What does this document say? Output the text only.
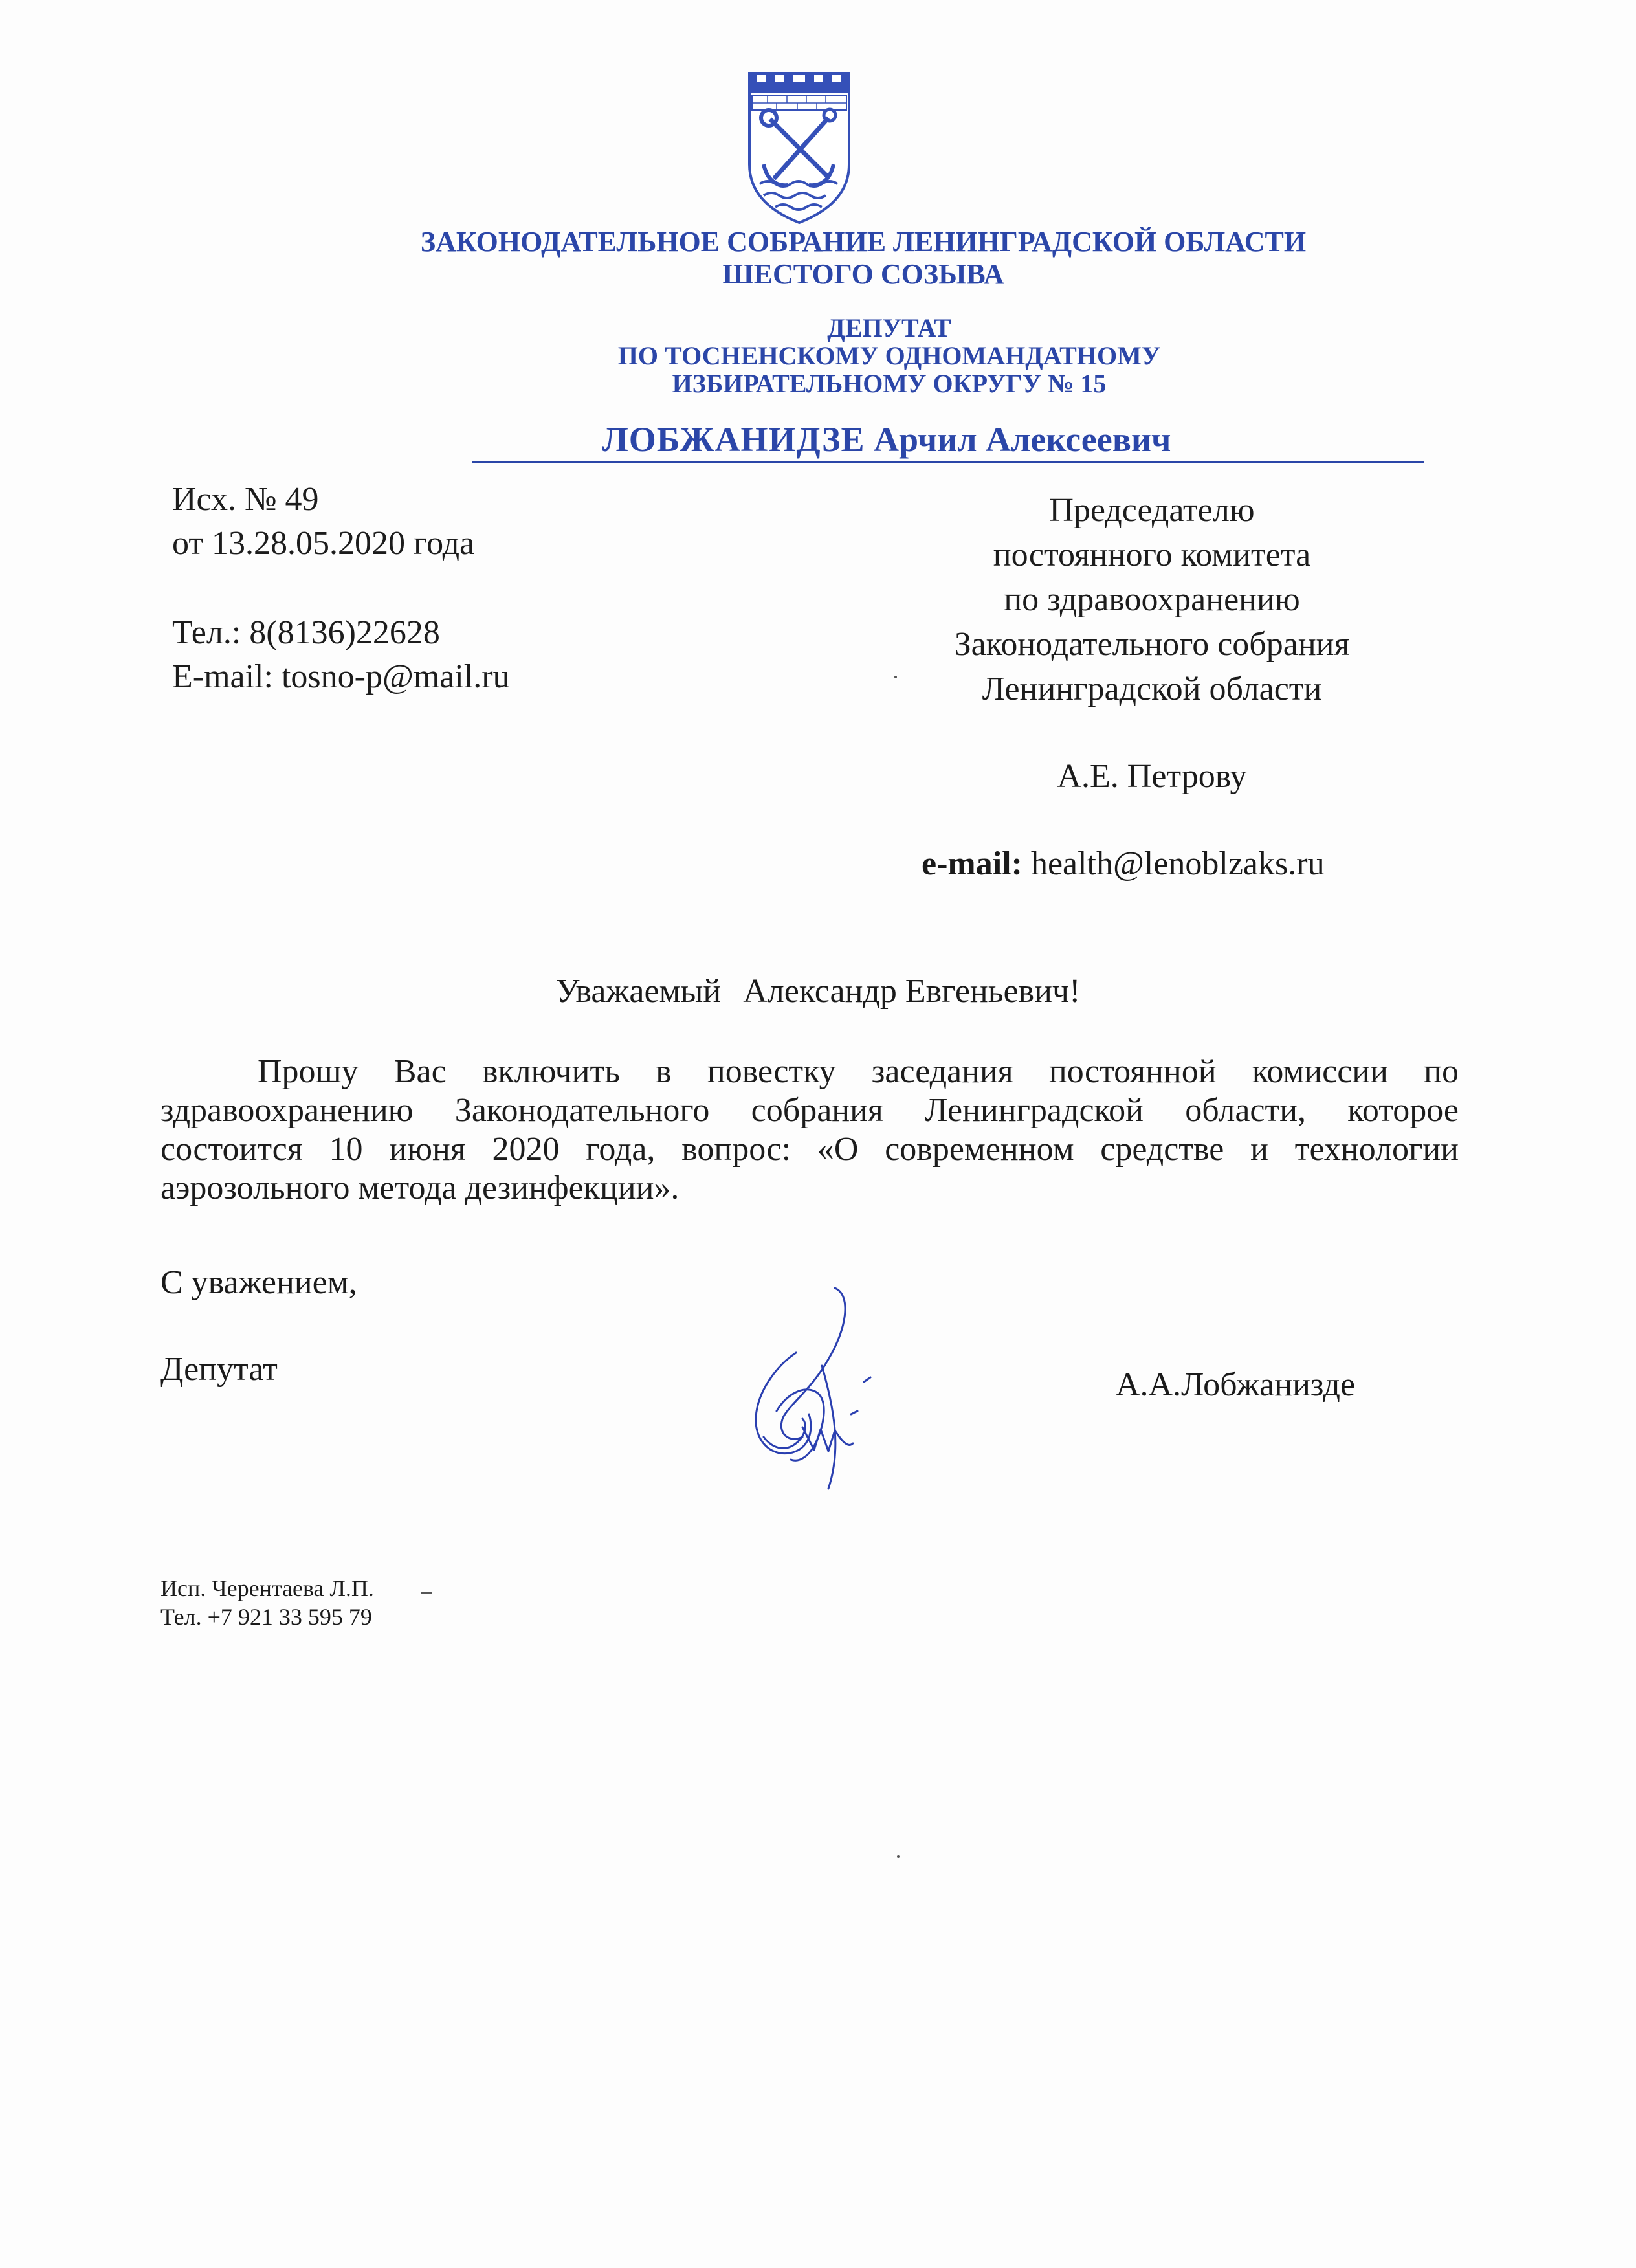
ЗАКОНОДАТЕЛЬНОЕ СОБРАНИЕ ЛЕНИНГРАДСКОЙ ОБЛАСТИ
ШЕСТОГО СОЗЫВА
ДЕПУТАТ
ПО ТОСНЕНСКОМУ ОДНОМАНДАТНОМУ
ИЗБИРАТЕЛЬНОМУ ОКРУГУ № 15
ЛОБЖАНИДЗЕ Арчил Алексеевич
Исх. № 49
от 13.28.05.2020 года
Тел.: 8(8136)22628
E-mail: tosno-p@mail.ru
Председателю
постоянного комитета
по здравоохранению
Законодательного собрания
Ленинградской области
А.Е. Петрову
e-mail: health@lenoblzaks.ru
Уважаемый Александр Евгеньевич!
Прошу Вас включить в повестку заседания постоянной комиссии по
здравоохранению Законодательного собрания Ленинградской области, которое
состоится 10 июня 2020 года, вопрос: «О современном средстве и технологии
аэрозольного метода дезинфекции».
С уважением,
Депутат	А.А.Лобжанизде
Исп. Черентаева Л.П.
Тел. +7 921 33 595 79
